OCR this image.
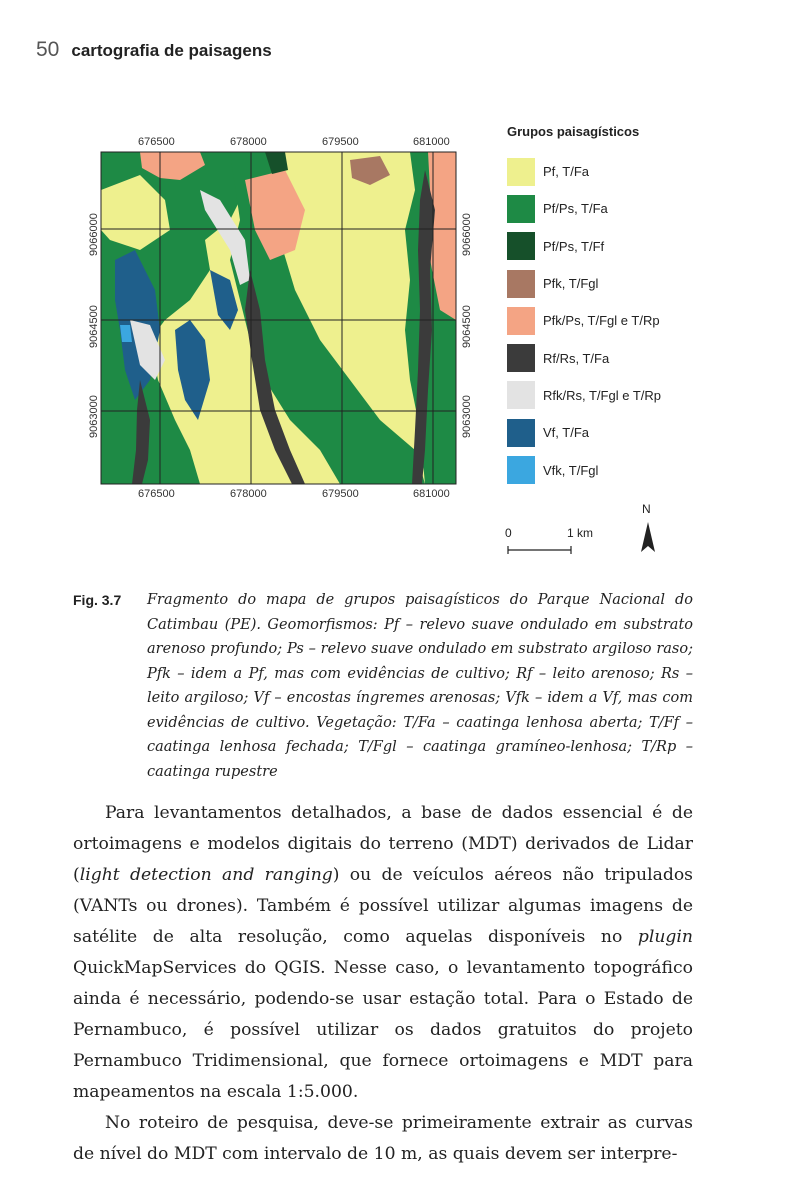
50 cartografia de paisagens
676500	678000	679500	681000
676500	678000	679500	681000
9066000
9064500
9063000
9066000
9064500
9063000
Grupos paisagísticos
Pf, T/Fa
Pf/Ps, T/Fa
Pf/Ps, T/Ff
Pfk, T/Fgl
Pfk/Ps, T/Fgl e T/Rp
Rf/Rs, T/Fa
Rfk/Rs, T/Fgl e T/Rp
Vf, T/Fa
Vfk, T/Fgl
0	1 km
N
Fig. 3.7	Fragmento do mapa de grupos paisagísticos do Parque Nacional do Catimbau (PE). Geomorfismos: Pf – relevo suave ondulado em substrato arenoso profundo; Ps – relevo suave ondulado em substrato argiloso raso; Pfk – idem a Pf, mas com evidências de cultivo; Rf – leito arenoso; Rs – leito argiloso; Vf – encostas íngremes arenosas; Vfk – idem a Vf, mas com evidências de cultivo. Vegetação: T/Fa – caatinga lenhosa aberta; T/Ff – caatinga lenhosa fechada; T/Fgl – caatinga gramíneo-lenhosa; T/Rp – caatinga rupestre

Para levantamentos detalhados, a base de dados essencial é de ortoimagens e modelos digitais do terreno (MDT) derivados de Lidar (light detection and ranging) ou de veículos aéreos não tripulados (VANTs ou drones). Também é possível utilizar algumas imagens de satélite de alta resolução, como aquelas disponíveis no plugin QuickMapServices do QGIS. Nesse caso, o levantamento topográfico ainda é necessário, podendo-se usar estação total. Para o Estado de Pernambuco, é possível utilizar os dados gratuitos do projeto Pernambuco Tridimensional, que fornece ortoimagens e MDT para mapeamentos na escala 1:5.000.

No roteiro de pesquisa, deve-se primeiramente extrair as curvas de nível do MDT com intervalo de 10 m, as quais devem ser interpre-
